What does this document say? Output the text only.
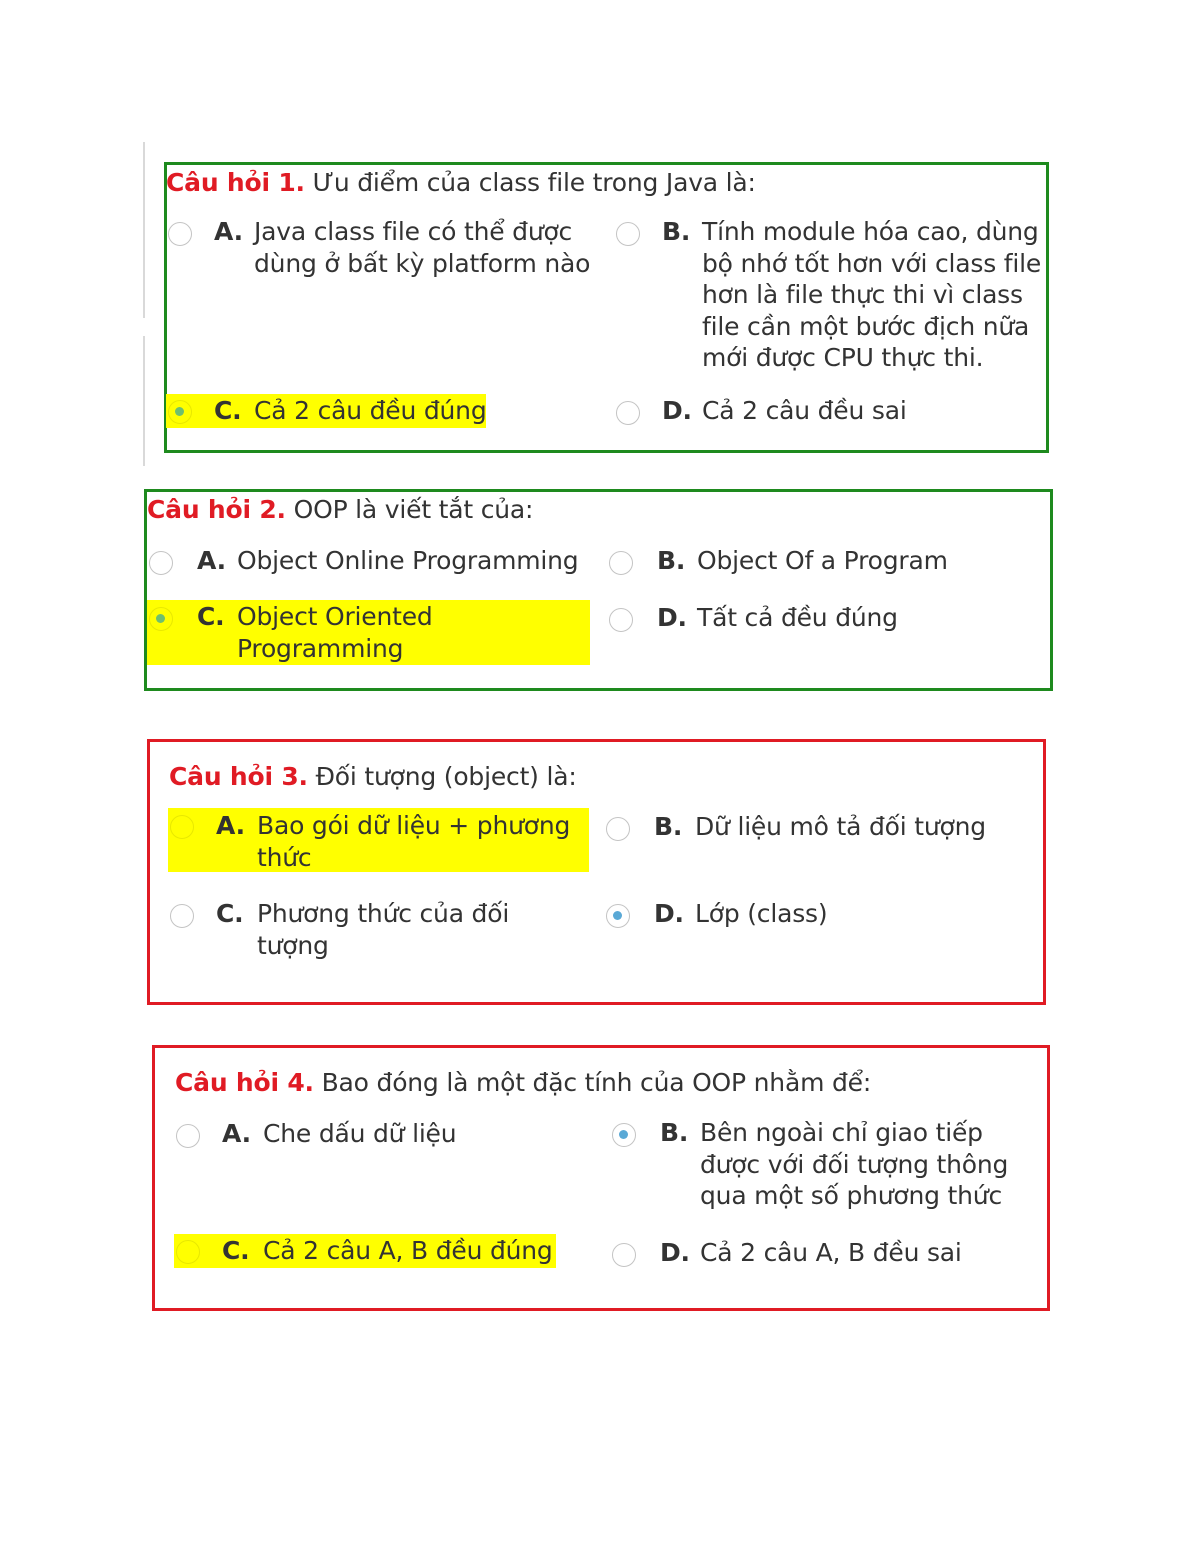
Câu hỏi 1. Ưu điểm của class file trong Java là:
A. Java class file có thể được dùng ở bất kỳ platform nào
B. Tính module hóa cao, dùng bộ nhớ tốt hơn với class file hơn là file thực thi vì class file cần một bước địch nữa mới được CPU thực thi.
C. Cả 2 câu đều đúng	D. Cả 2 câu đều sai
Câu hỏi 2. OOP là viết tắt của:
A. Object Online Programming	B. Object Of a Program
C. Object Oriented Programming
D. Tất cả đều đúng
Câu hỏi 3. Đối tượng (object) là:
A. Bao gói dữ liệu + phương thức
B. Dữ liệu mô tả đối tượng
C. Phương thức của đối tượng
D. Lớp (class)
Câu hỏi 4. Bao đóng là một đặc tính của OOP nhằm để:
A. Che dấu dữ liệu	B. Bên ngoài chỉ giao tiếp được với đối tượng thông qua một số phương thức
C. Cả 2 câu A, B đều đúng	D. Cả 2 câu A, B đều sai
